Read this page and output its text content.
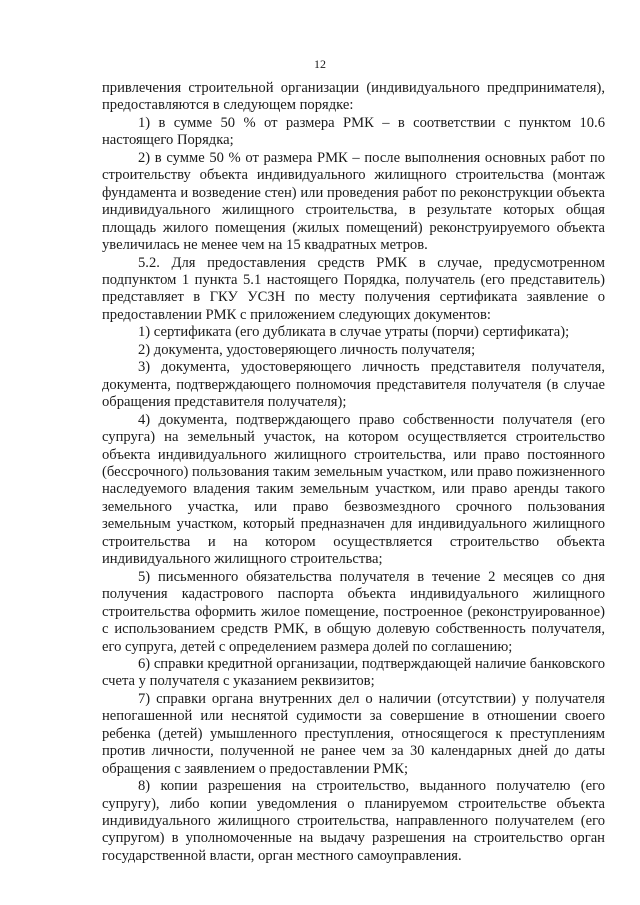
12

привлечения строительной организации (индивидуального предпринимателя), предоставляются в следующем порядке:

1) в сумме 50 % от размера РМК – в соответствии с пунктом 10.6 настоящего Порядка;

2) в сумме 50 % от размера РМК – после выполнения основных работ по строительству объекта индивидуального жилищного строительства (монтаж фундамента и возведение стен) или проведения работ по реконструкции объекта индивидуального жилищного строительства, в результате которых общая площадь жилого помещения (жилых помещений) реконструируемого объекта увеличилась не менее чем на 15 квадратных метров.

5.2. Для предоставления средств РМК в случае, предусмотренном подпунктом 1 пункта 5.1 настоящего Порядка, получатель (его представитель) представляет в ГКУ УСЗН по месту получения сертификата заявление о предоставлении РМК с приложением следующих документов:

1) сертификата (его дубликата в случае утраты (порчи) сертификата);

2) документа, удостоверяющего личность получателя;

3) документа, удостоверяющего личность представителя получателя, документа, подтверждающего полномочия представителя получателя (в случае обращения представителя получателя);

4) документа, подтверждающего право собственности получателя (его супруга) на земельный участок, на котором осуществляется строительство объекта индивидуального жилищного строительства, или право постоянного (бессрочного) пользования таким земельным участком, или право пожизненного наследуемого владения таким земельным участком, или право аренды такого земельного участка, или право безвозмездного срочного пользования земельным участком, который предназначен для индивидуального жилищного строительства и на котором осуществляется строительство объекта индивидуального жилищного строительства;

5) письменного обязательства получателя в течение 2 месяцев со дня получения кадастрового паспорта объекта индивидуального жилищного строительства оформить жилое помещение, построенное (реконструированное) с использованием средств РМК, в общую долевую собственность получателя, его супруга, детей с определением размера долей по соглашению;

6) справки кредитной организации, подтверждающей наличие банковского счета у получателя с указанием реквизитов;

7) справки органа внутренних дел о наличии (отсутствии) у получателя непогашенной или неснятой судимости за совершение в отношении своего ребенка (детей) умышленного преступления, относящегося к преступлениям против личности, полученной не ранее чем за 30 календарных дней до даты обращения с заявлением о предоставлении РМК;

8) копии разрешения на строительство, выданного получателю (его супругу), либо копии уведомления о планируемом строительстве объекта индивидуального жилищного строительства, направленного получателем (его супругом) в уполномоченные на выдачу разрешения на строительство орган государственной власти, орган местного самоуправления.
